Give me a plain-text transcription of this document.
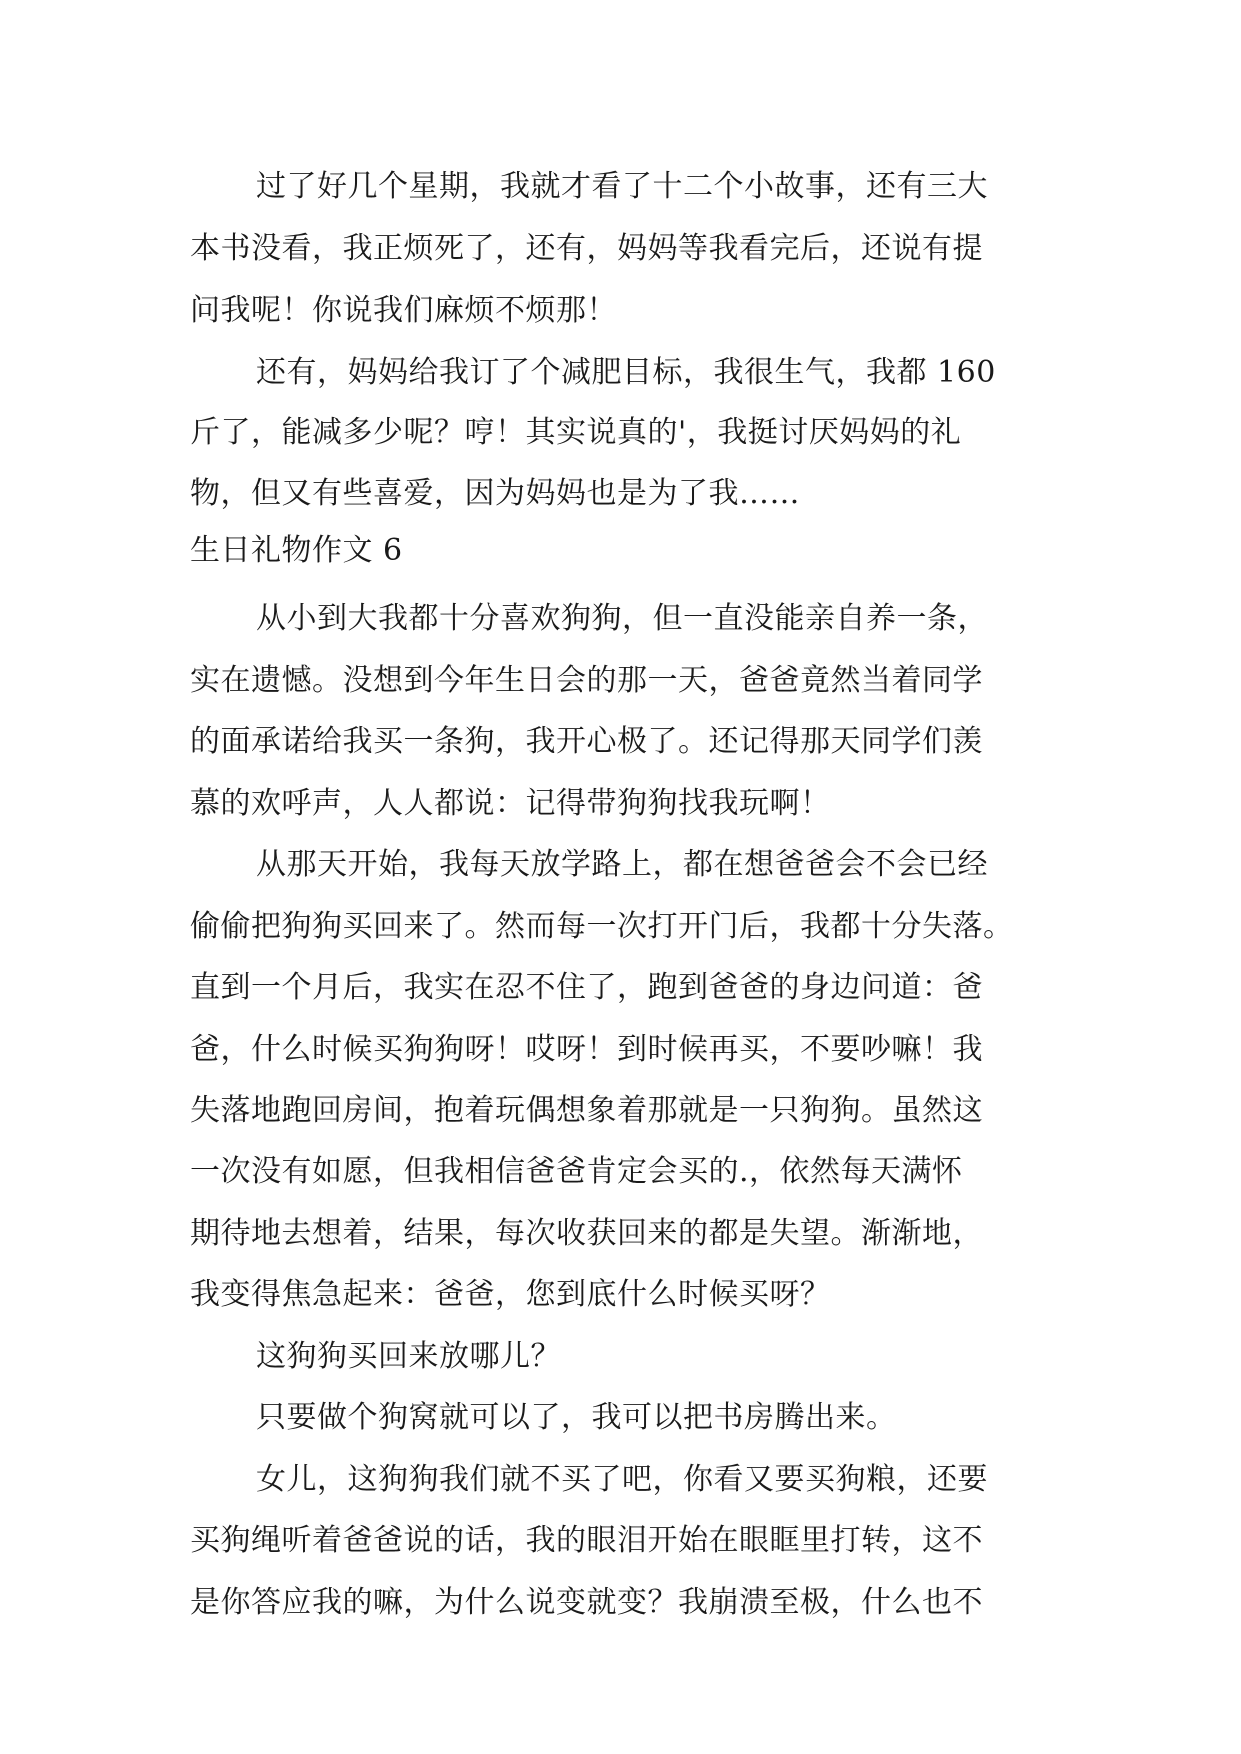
过了好几个星期，我就才看了十二个小故事，还有三大

本书没看，我正烦死了，还有，妈妈等我看完后，还说有提

问我呢！你说我们麻烦不烦那！

还有，妈妈给我订了个减肥目标，我很生气，我都 160

斤了，能减多少呢？哼！其实说真的'，我挺讨厌妈妈的礼

物，但又有些喜爱，因为妈妈也是为了我……

生日礼物作文 6

从小到大我都十分喜欢狗狗，但一直没能亲自养一条，

实在遗憾。没想到今年生日会的那一天，爸爸竟然当着同学

的面承诺给我买一条狗，我开心极了。还记得那天同学们羡

慕的欢呼声，人人都说：记得带狗狗找我玩啊！

从那天开始，我每天放学路上，都在想爸爸会不会已经

偷偷把狗狗买回来了。然而每一次打开门后，我都十分失落。

直到一个月后，我实在忍不住了，跑到爸爸的身边问道：爸

爸，什么时候买狗狗呀！哎呀！到时候再买，不要吵嘛！我

失落地跑回房间，抱着玩偶想象着那就是一只狗狗。虽然这

一次没有如愿，但我相信爸爸肯定会买的.，依然每天满怀

期待地去想着，结果，每次收获回来的都是失望。渐渐地，

我变得焦急起来：爸爸，您到底什么时候买呀？

这狗狗买回来放哪儿？

只要做个狗窝就可以了，我可以把书房腾出来。

女儿，这狗狗我们就不买了吧，你看又要买狗粮，还要

买狗绳听着爸爸说的话，我的眼泪开始在眼眶里打转，这不

是你答应我的嘛，为什么说变就变？我崩溃至极，什么也不
